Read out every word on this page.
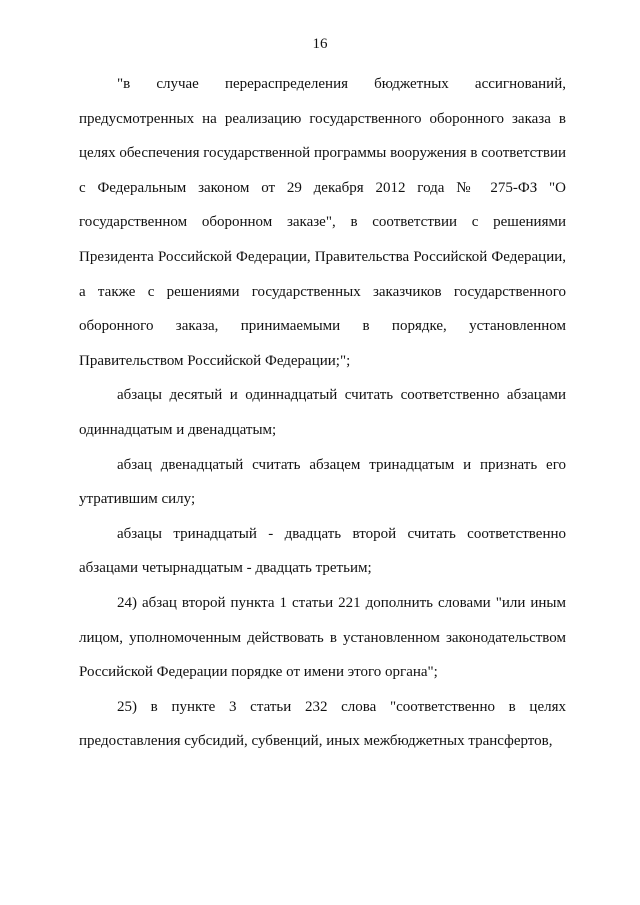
16

"в случае перераспределения бюджетных ассигнований, предусмотренных на реализацию государственного оборонного заказа в целях обеспечения государственной программы вооружения в соответствии с Федеральным законом от 29 декабря 2012 года № 275-ФЗ "О государственном оборонном заказе", в соответствии с решениями Президента Российской Федерации, Правительства Российской Федерации, а также с решениями государственных заказчиков государственного оборонного заказа, принимаемыми в порядке, установленном Правительством Российской Федерации;";

абзацы десятый и одиннадцатый считать соответственно абзацами одиннадцатым и двенадцатым;

абзац двенадцатый считать абзацем тринадцатым и признать его утратившим силу;

абзацы тринадцатый - двадцать второй считать соответственно абзацами четырнадцатым - двадцать третьим;

24) абзац второй пункта 1 статьи 221 дополнить словами "или иным лицом, уполномоченным действовать в установленном законодательством Российской Федерации порядке от имени этого органа";

25) в пункте 3 статьи 232 слова "соответственно в целях предоставления субсидий, субвенций, иных межбюджетных трансфертов,
